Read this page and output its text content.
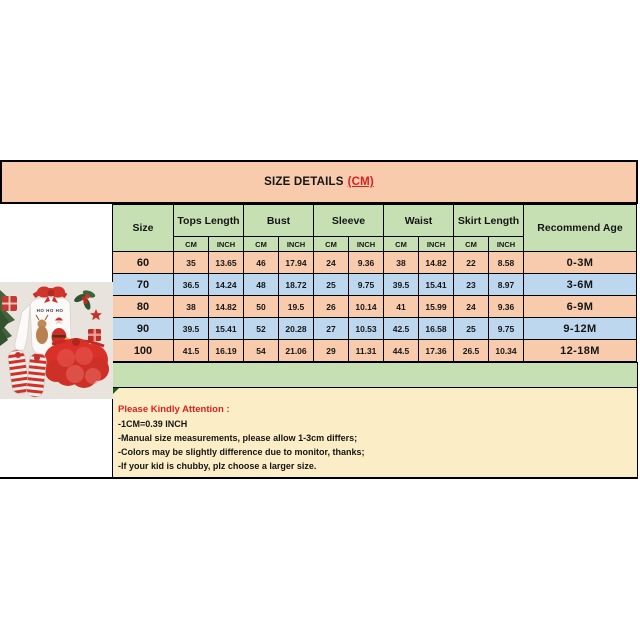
SIZE DETAILS (CM)
Size	Tops Length		Bust		Sleeve		Waist		Skirt Length		Recommend Age
	CM	INCH	CM	INCH	CM	INCH	CM	INCH	CM	INCH	
60	35	13.65	46	17.94	24	9.36	38	14.82	22	8.58	0-3M
70	36.5	14.24	48	18.72	25	9.75	39.5	15.41	23	8.97	3-6M
80	38	14.82	50	19.5	26	10.14	41	15.99	24	9.36	6-9M
90	39.5	15.41	52	20.28	27	10.53	42.5	16.58	25	9.75	9-12M
100	41.5	16.19	54	21.06	29	11.31	44.5	17.36	26.5	10.34	12-18M
Please Kindly Attention :
-1CM=0.39 INCH
-Manual size measurements, please allow 1-3cm differs;
-Colors may be slightly difference due to monitor, thanks;
-If your kid is chubby, plz choose a larger size.
HO HO HO
